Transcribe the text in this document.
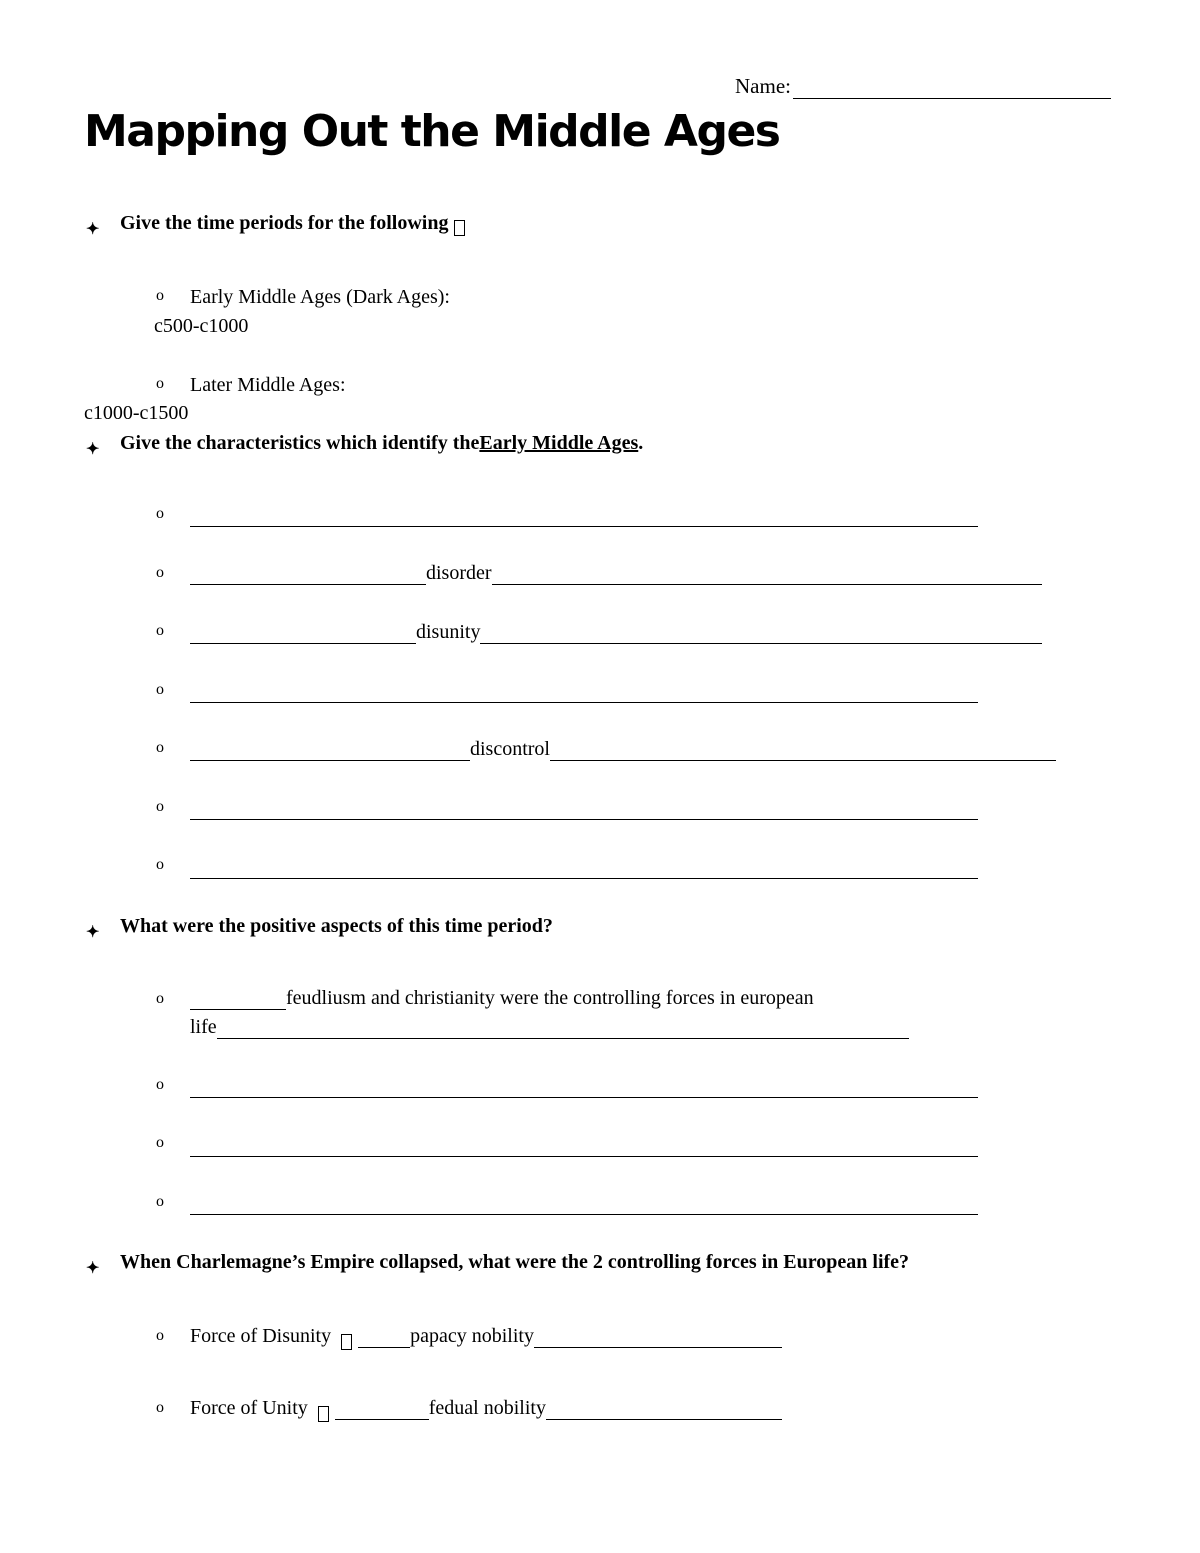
Name:
Mapping Out the Middle Ages
✦	Give the time periods for the following
o Early Middle Ages (Dark Ages):
c500-c1000
o Later Middle Ages:
c1000-c1500
✦	Give the characteristics which identify the Early Middle Ages .
o
o	disorder
o	disunity
o
o	discontrol
o
o
✦	What were the positive aspects of this time period?
o	feudliusm and christianity were the controlling forces in european
life
o
o
o
✦	When Charlemagne’s Empire collapsed, what were the 2 controlling forces in European life?
o Force of Disunity	papacy nobility
o Force of Unity	fedual nobility
